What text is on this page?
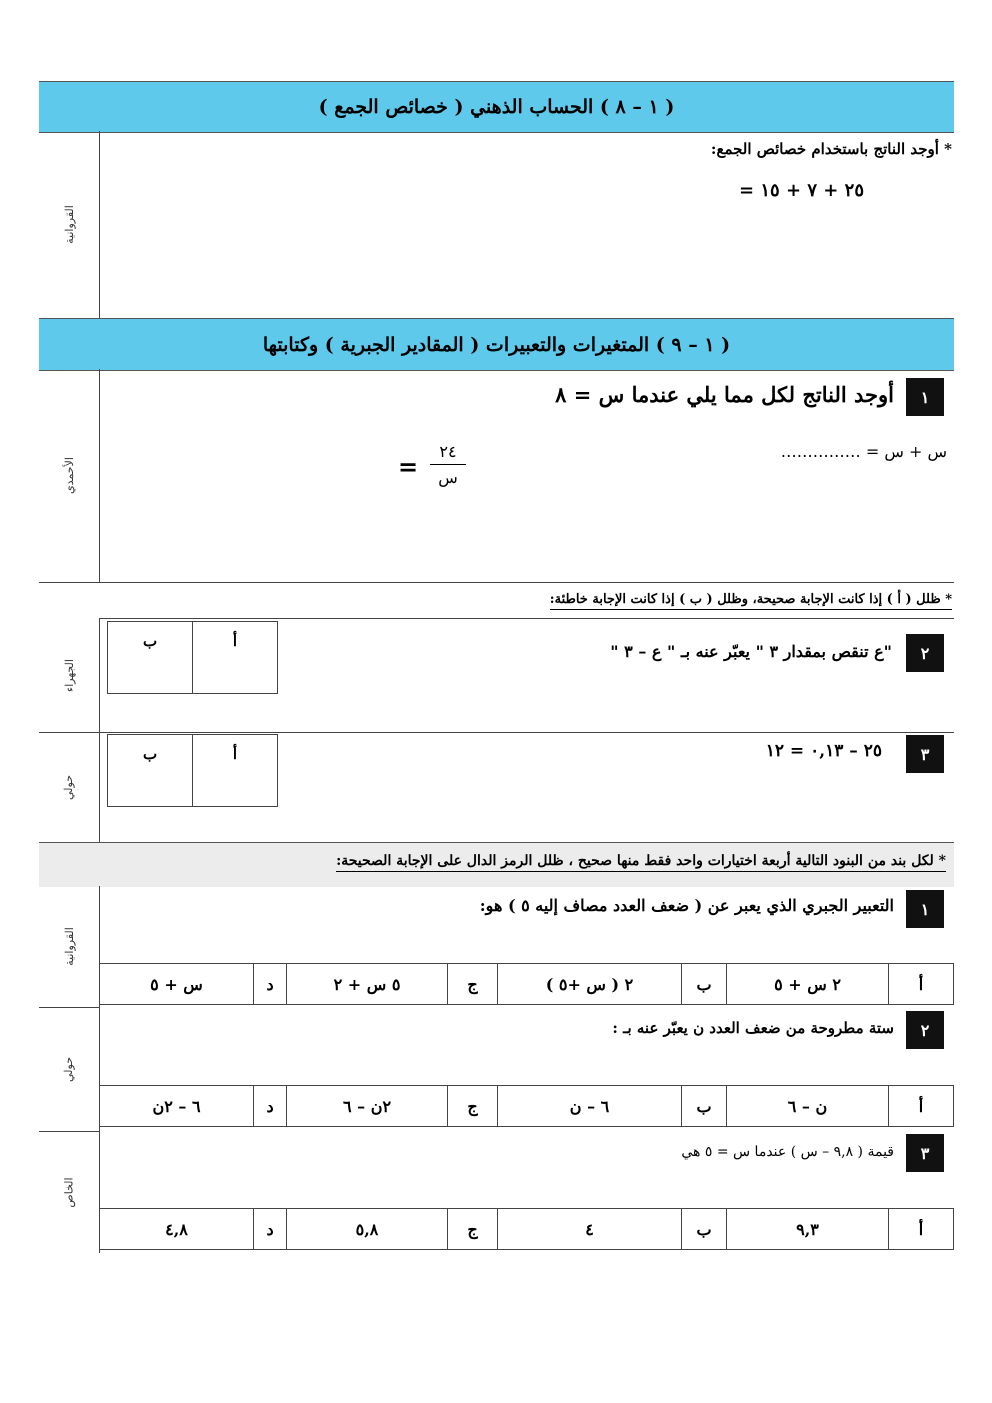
( ١ – ٨ ) الحساب الذهني ( خصائص الجمع )
القروانية
* أوجد الناتج باستخدام خصائص الجمع:
٢٥ + ٧ + ١٥ =
( ١ – ٩ ) المتغيرات والتعبيرات ( المقادير الجبرية ) وكتابتها
الأحمدي
١
أوجد الناتج لكل مما يلي عندما س = ٨
س + س = ……………
٢٤
س
=
* ظلل ( أ ) إذا كانت الإجابة صحيحة، وظلل ( ب ) إذا كانت الإجابة خاطئة:
الجهراء
٢
"ع تنقص بمقدار ٣ " يعبّر عنه بـ " ع – ٣ "
أ	ب
حولي
٣
٢٥ – ٠,١٣ = ١٢
أ	ب
* لكل بند من البنود التالية أربعة اختيارات واحد فقط منها صحيح ، ظلل الرمز الدال على الإجابة الصحيحة:
القروانية
١
التعبير الجبري الذي يعبر عن ( ضعف العدد مصاف إليه ٥ ) هو:
أ	٢ س + ٥	ب	٢ ( س +٥ )	ج	٥ س + ٢	د	س + ٥
حولي
٢
ستة مطروحة من ضعف العدد ن يعبّر عنه بـ :
أ	ن – ٦	ب	٦ – ن	ج	٢ن – ٦	د	٦ – ٢ن
الخاص
٣
قيمة ( ٩,٨ – س ) عندما س = ٥ هي
أ	٩,٣	ب	٤	ج	٥,٨	د	٤,٨
